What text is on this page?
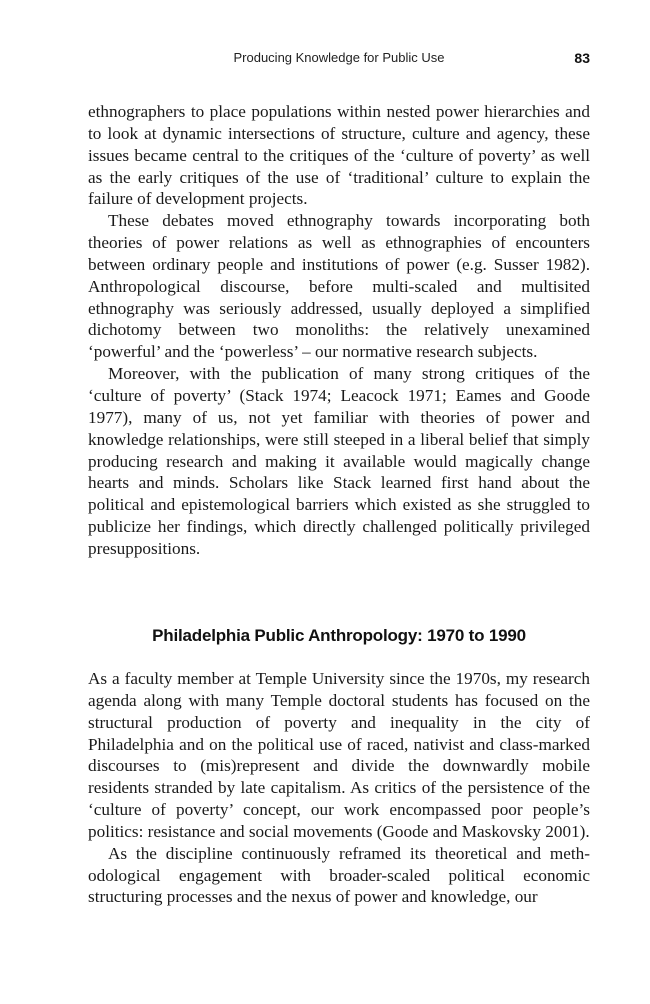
Producing Knowledge for Public Use	83

ethnographers to place populations within nested power hierarchies and to look at dynamic intersections of structure, culture and agency, these issues became central to the critiques of the ‘culture of poverty’ as well as the early critiques of the use of ‘traditional’ culture to explain the failure of development projects.

These debates moved ethnography towards incorporating both theories of power relations as well as ethnographies of encounters between ordinary people and institutions of power (e.g. Susser 1982). Anthropological discourse, before multi-scaled and multisited ethnography was seriously addressed, usually deployed a simplified dichotomy between two monoliths: the relatively unexamined ‘powerful’ and the ‘powerless’ – our normative research subjects.

Moreover, with the publication of many strong critiques of the ‘culture of poverty’ (Stack 1974; Leacock 1971; Eames and Goode 1977), many of us, not yet familiar with theories of power and knowledge relationships, were still steeped in a liberal belief that simply producing research and making it available would magically change hearts and minds. Scholars like Stack learned first hand about the political and epistemological barriers which existed as she struggled to publicize her findings, which directly challenged politically privileged presuppositions.

Philadelphia Public Anthropology: 1970 to 1990

As a faculty member at Temple University since the 1970s, my research agenda along with many Temple doctoral students has focused on the structural production of poverty and inequality in the city of Philadelphia and on the political use of raced, nativist and class-marked discourses to (mis)represent and divide the downwardly mobile residents stranded by late capitalism. As critics of the persistence of the ‘culture of poverty’ concept, our work encompassed poor people’s politics: resistance and social movements (Goode and Maskovsky 2001).

As the discipline continuously reframed its theoretical and methodological engagement with broader-scaled political economic structuring processes and the nexus of power and knowledge, our
